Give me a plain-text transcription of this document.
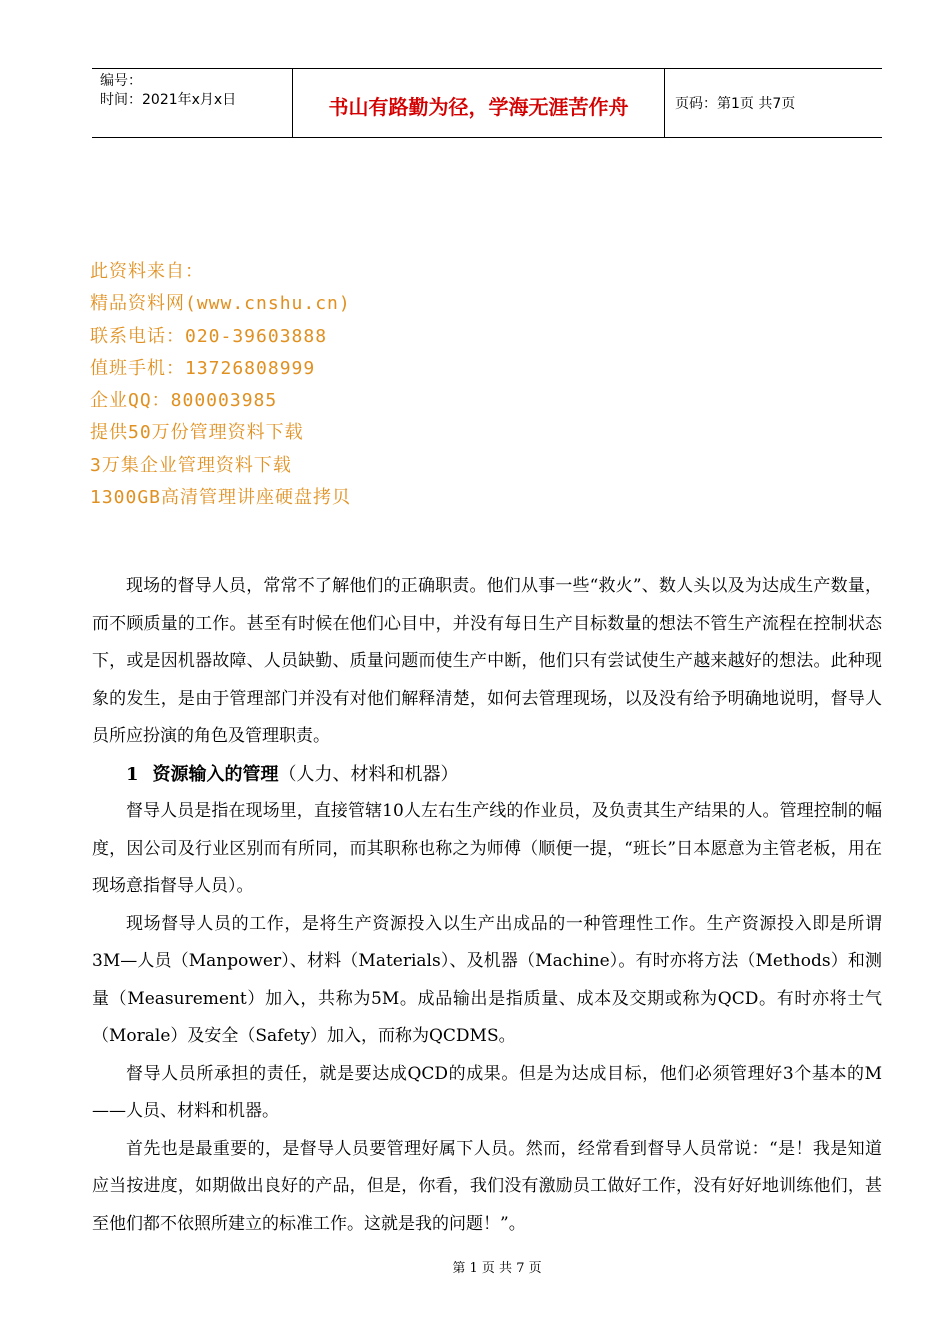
编号：
时间：2021年x月x日	书山有路勤为径，学海无涯苦作舟	页码：第1页 共7页
此资料来自：
精品资料网(www.cnshu.cn)
联系电话：020-39603888
值班手机：13726808999
企业QQ：800003985
提供50万份管理资料下载
3万集企业管理资料下载
1300GB高清管理讲座硬盘拷贝

现场的督导人员，常常不了解他们的正确职责。他们从事一些“救火”、数人头以及为达成生产数量，而不顾质量的工作。甚至有时候在他们心目中，并没有每日生产目标数量的想法不管生产流程在控制状态下，或是因机器故障、人员缺勤、质量问题而使生产中断，他们只有尝试使生产越来越好的想法。此种现象的发生，是由于管理部门并没有对他们解释清楚，如何去管理现场，以及没有给予明确地说明，督导人员所应扮演的角色及管理职责。

1 资源输入的管理（人力、材料和机器）

督导人员是指在现场里，直接管辖10人左右生产线的作业员，及负责其生产结果的人。管理控制的幅度，因公司及行业区别而有所同，而其职称也称之为师傅（顺便一提，“班长”日本愿意为主管老板，用在现场意指督导人员）。

现场督导人员的工作，是将生产资源投入以生产出成品的一种管理性工作。生产资源投入即是所谓3M—人员（Manpower）、材料（Materials）、及机器（Machine）。有时亦将方法（Methods）和测量（Measurement）加入，共称为5M。成品输出是指质量、成本及交期或称为QCD。有时亦将士气（Morale）及安全（Safety）加入，而称为QCDMS。

督导人员所承担的责任，就是要达成QCD的成果。但是为达成目标，他们必须管理好3个基本的M——人员、材料和机器。

首先也是最重要的，是督导人员要管理好属下人员。然而，经常看到督导人员常说：“是！我是知道应当按进度，如期做出良好的产品，但是，你看，我们没有激励员工做好工作，没有好好地训练他们，甚至他们都不依照所建立的标准工作。这就是我的问题！”。

第 1 页 共 7 页
